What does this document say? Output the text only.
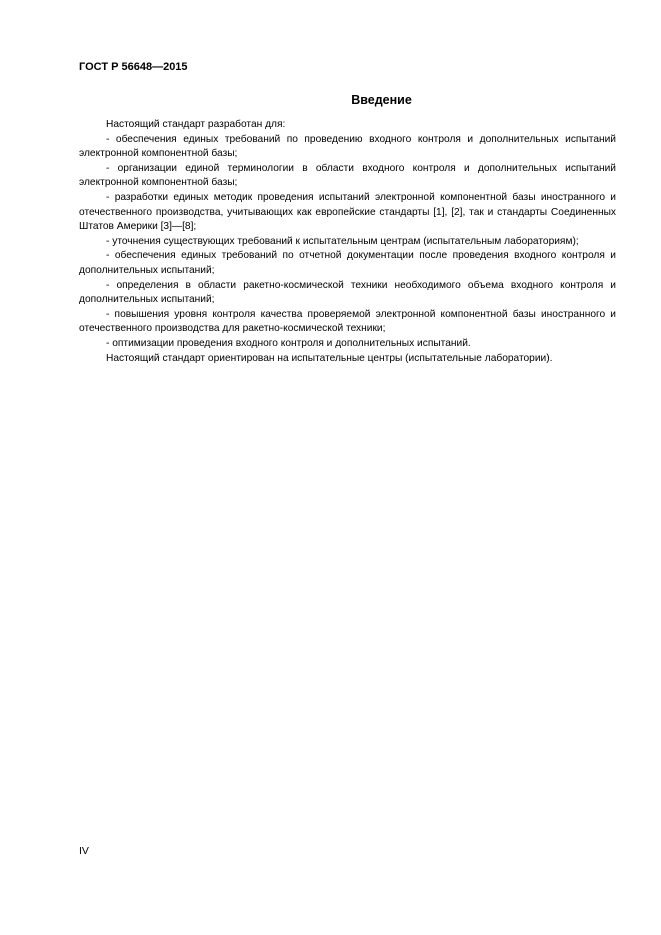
ГОСТ Р 56648—2015
Введение

Настоящий стандарт разработан для:

- обеспечения единых требований по проведению входного контроля и дополнительных испытаний электронной компонентной базы;

- организации единой терминологии в области входного контроля и дополнительных испытаний электронной компонентной базы;

- разработки единых методик проведения испытаний электронной компонентной базы иностранного и отечественного производства, учитывающих как европейские стандарты [1], [2], так и стандарты Соединенных Штатов Америки [3]—[8];

- уточнения существующих требований к испытательным центрам (испытательным лабораториям);

- обеспечения единых требований по отчетной документации после проведения входного контроля и дополнительных испытаний;

- определения в области ракетно-космической техники необходимого объема входного контроля и дополнительных испытаний;

- повышения уровня контроля качества проверяемой электронной компонентной базы иностранного и отечественного производства для ракетно-космической техники;

- оптимизации проведения входного контроля и дополнительных испытаний.

Настоящий стандарт ориентирован на испытательные центры (испытательные лаборатории).

IV
